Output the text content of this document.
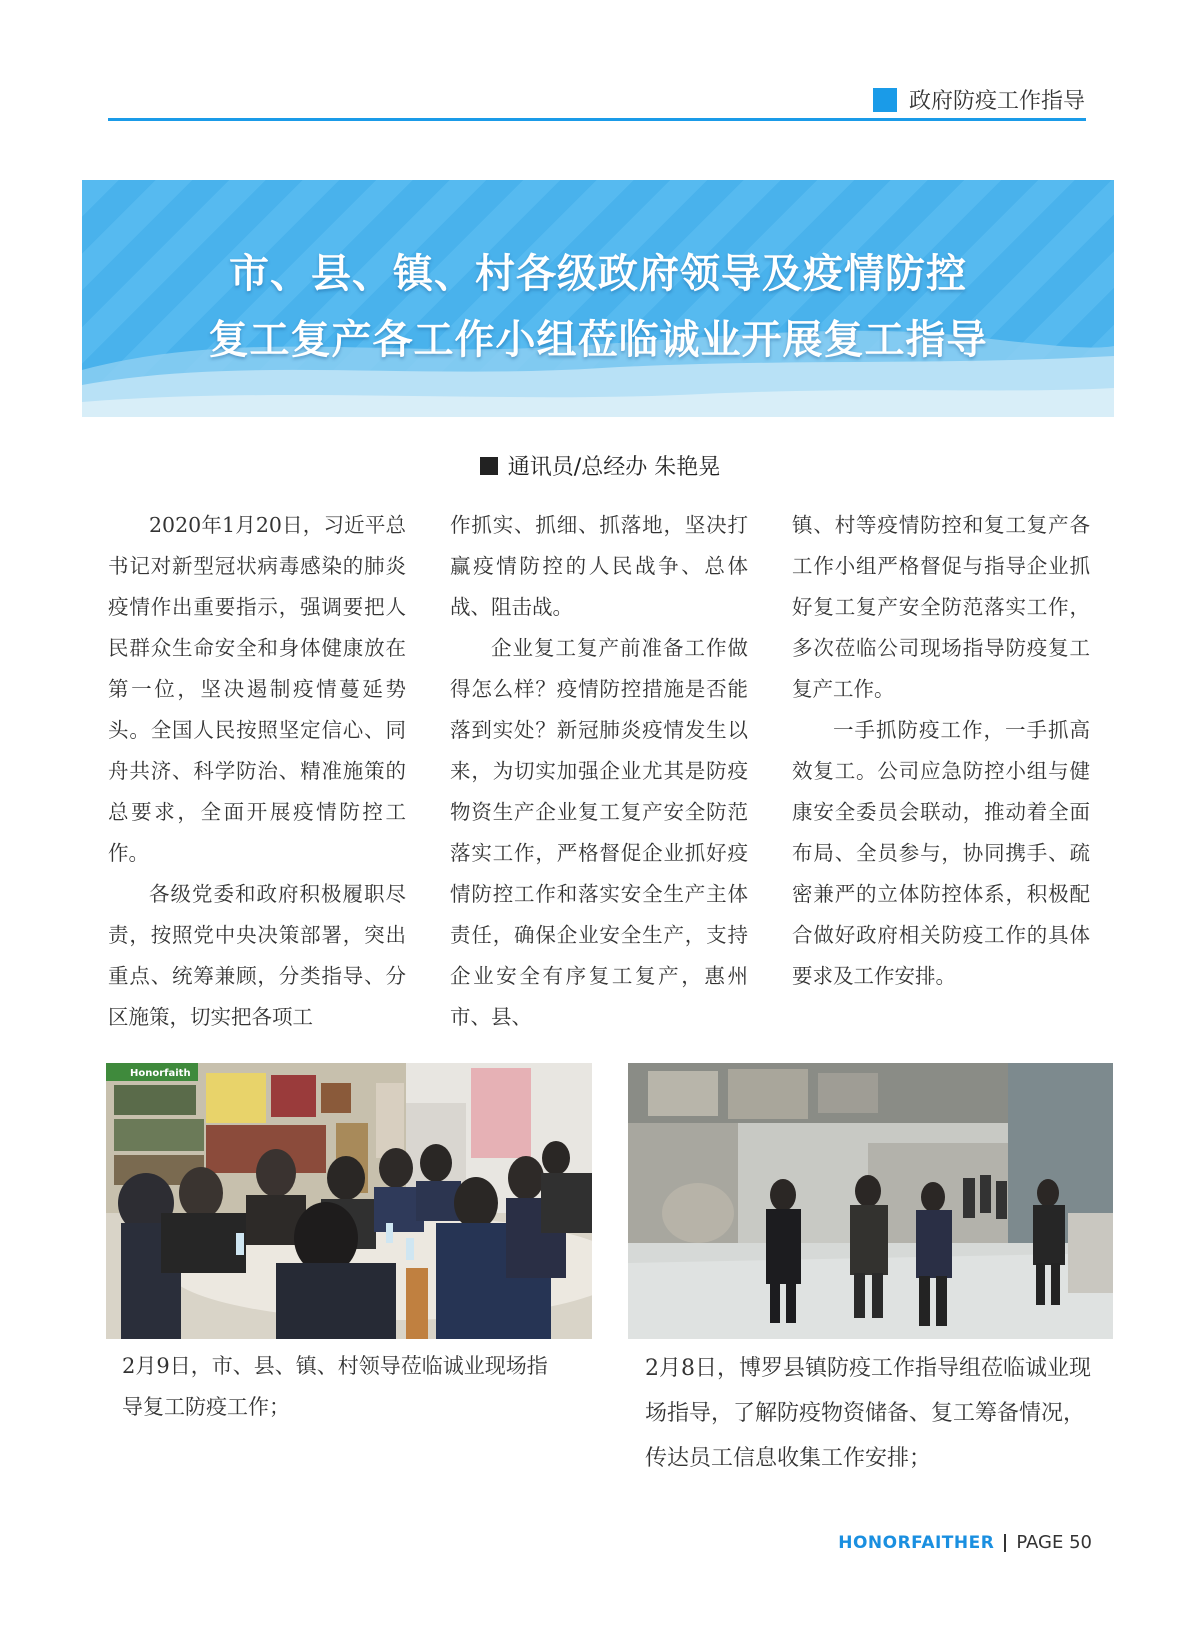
政府防疫工作指导
市、县、镇、村各级政府领导及疫情防控
复工复产各工作小组莅临诚业开展复工指导
通讯员/总经办 朱艳晃

2020年1月20日，习近平总书记对新型冠状病毒感染的肺炎疫情作出重要指示，强调要把人民群众生命安全和身体健康放在第一位，坚决遏制疫情蔓延势头。全国人民按照坚定信心、同舟共济、科学防治、精准施策的总要求，全面开展疫情防控工作。

各级党委和政府积极履职尽责，按照党中央决策部署，突出重点、统筹兼顾，分类指导、分区施策，切实把各项工

作抓实、抓细、抓落地，坚决打赢疫情防控的人民战争、总体战、阻击战。

企业复工复产前准备工作做得怎么样？疫情防控措施是否能落到实处？新冠肺炎疫情发生以来，为切实加强企业尤其是防疫物资生产企业复工复产安全防范落实工作，严格督促企业抓好疫情防控工作和落实安全生产主体责任，确保企业安全生产，支持企业安全有序复工复产，惠州市、县、

镇、村等疫情防控和复工复产各工作小组严格督促与指导企业抓好复工复产安全防范落实工作，多次莅临公司现场指导防疫复工复产工作。

一手抓防疫工作，一手抓高效复工。公司应急防控小组与健康安全委员会联动，推动着全面布局、全员参与，协同携手、疏密兼严的立体防控体系，积极配合做好政府相关防疫工作的具体要求及工作安排。

Honorfaith
2月9日，市、县、镇、村领导莅临诚业现场指导复工防疫工作；
2月8日，博罗县镇防疫工作指导组莅临诚业现场指导，了解防疫物资储备、复工筹备情况，传达员工信息收集工作安排；
HONORFAITHER PAGE 50
